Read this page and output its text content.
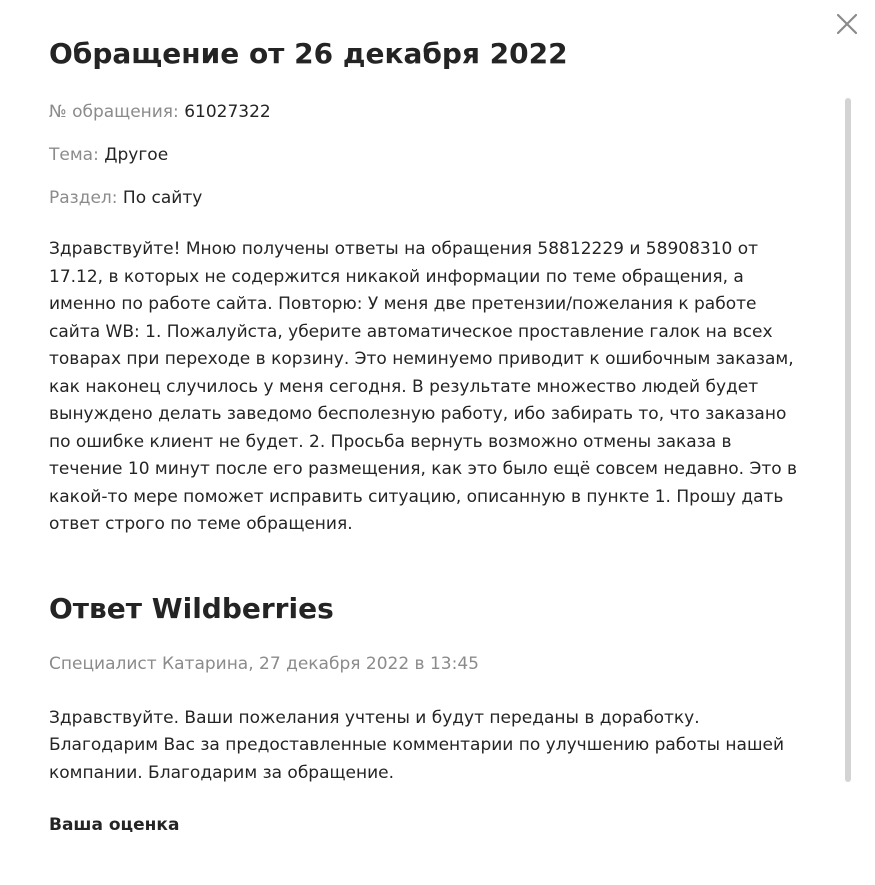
Обращение от 26 декабря 2022

№ обращения: 61027322

Тема: Другое

Раздел: По сайту

Здравствуйте! Мною получены ответы на обращения 58812229 и 58908310 от 17.12, в которых не содержится никакой информации по теме обращения, а именно по работе сайта. Повторю: У меня две претензии/пожелания к работе сайта WB: 1. Пожалуйста, уберите автоматическое проставление галок на всех товарах при переходе в корзину. Это неминуемо приводит к ошибочным заказам, как наконец случилось у меня сегодня. В результате множество людей будет вынуждено делать заведомо бесполезную работу, ибо забирать то, что заказано по ошибке клиент не будет. 2. Просьба вернуть возможно отмены заказа в течение 10 минут после его размещения, как это было ещё совсем недавно. Это в какой-то мере поможет исправить ситуацию, описанную в пункте 1. Прошу дать ответ строго по теме обращения.
Ответ Wildberries
Специалист Катарина, 27 декабря 2022 в 13:45
Здравствуйте. Ваши пожелания учтены и будут переданы в доработку. Благодарим Вас за предоставленные комментарии по улучшению работы нашей компании. Благодарим за обращение.
Ваша оценка
